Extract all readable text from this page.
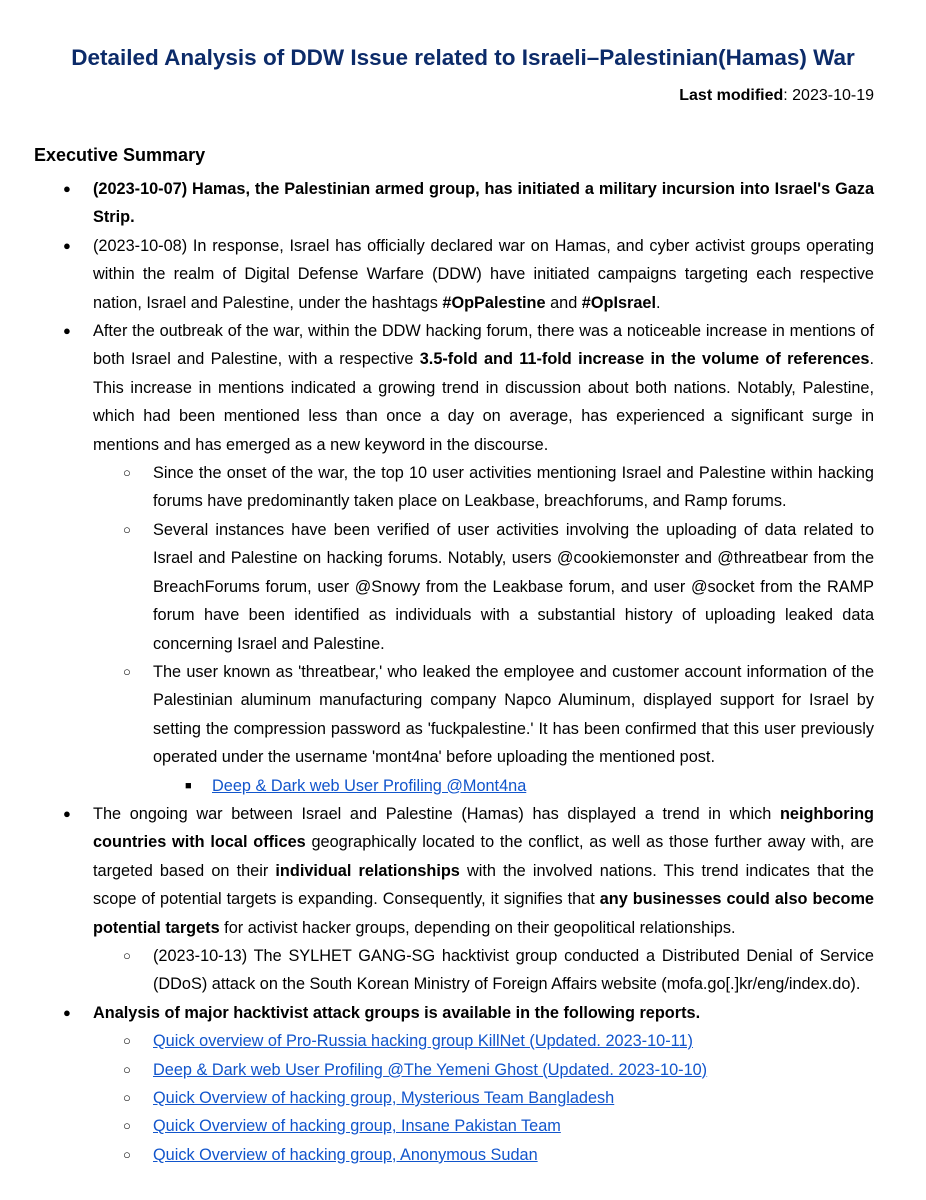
Detailed Analysis of DDW Issue related to Israeli–Palestinian(Hamas) War
Last modified: 2023-10-19
Executive Summary
● (2023-10-07) Hamas, the Palestinian armed group, has initiated a military incursion into Israel's Gaza Strip.
● (2023-10-08) In response, Israel has officially declared war on Hamas, and cyber activist groups operating within the realm of Digital Defense Warfare (DDW) have initiated campaigns targeting each respective nation, Israel and Palestine, under the hashtags #OpPalestine and #OpIsrael.
● After the outbreak of the war, within the DDW hacking forum, there was a noticeable increase in mentions of both Israel and Palestine, with a respective 3.5-fold and 11-fold increase in the volume of references. This increase in mentions indicated a growing trend in discussion about both nations. Notably, Palestine, which had been mentioned less than once a day on average, has experienced a significant surge in mentions and has emerged as a new keyword in the discourse.
○ Since the onset of the war, the top 10 user activities mentioning Israel and Palestine within hacking forums have predominantly taken place on Leakbase, breachforums, and Ramp forums.
○ Several instances have been verified of user activities involving the uploading of data related to Israel and Palestine on hacking forums. Notably, users @cookiemonster and @threatbear from the BreachForums forum, user @Snowy from the Leakbase forum, and user @socket from the RAMP forum have been identified as individuals with a substantial history of uploading leaked data concerning Israel and Palestine.
○ The user known as 'threatbear,' who leaked the employee and customer account information of the Palestinian aluminum manufacturing company Napco Aluminum, displayed support for Israel by setting the compression password as 'fuckpalestine.' It has been confirmed that this user previously operated under the username 'mont4na' before uploading the mentioned post.
■ Deep & Dark web User Profiling @Mont4na
● The ongoing war between Israel and Palestine (Hamas) has displayed a trend in which neighboring countries with local offices geographically located to the conflict, as well as those further away with, are targeted based on their individual relationships with the involved nations. This trend indicates that the scope of potential targets is expanding. Consequently, it signifies that any businesses could also become potential targets for activist hacker groups, depending on their geopolitical relationships.
○ (2023-10-13) The SYLHET GANG-SG hacktivist group conducted a Distributed Denial of Service (DDoS) attack on the South Korean Ministry of Foreign Affairs website (mofa.go[.]kr/eng/index.do).
● Analysis of major hacktivist attack groups is available in the following reports.
○ Quick overview of Pro-Russia hacking group KillNet (Updated. 2023-10-11)
○ Deep & Dark web User Profiling @The Yemeni Ghost (Updated. 2023-10-10)
○ Quick Overview of hacking group, Mysterious Team Bangladesh
○ Quick Overview of hacking group, Insane Pakistan Team
○ Quick Overview of hacking group, Anonymous Sudan
